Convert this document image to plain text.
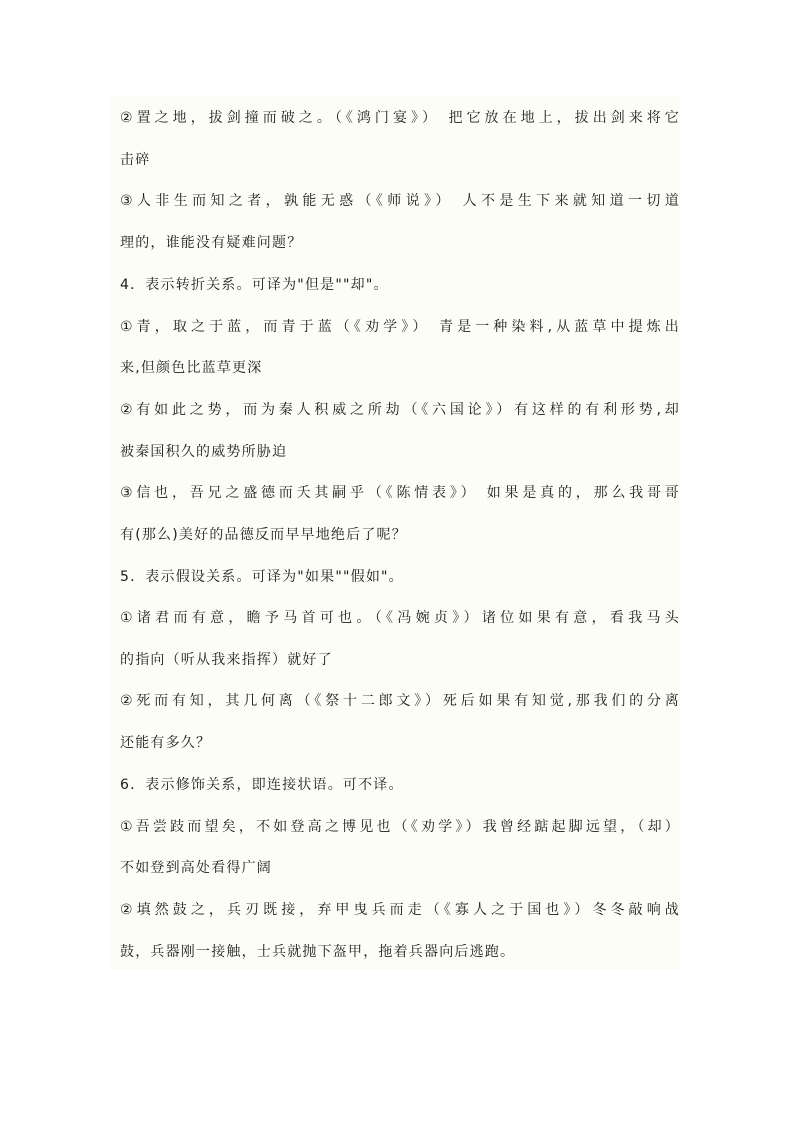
②置之地，拔剑撞而破之。（《鸿门宴》） 把它放在地上，拔出剑来将它
击碎
③人非生而知之者，孰能无惑（《师说》） 人不是生下来就知道一切道
理的，谁能没有疑难问题？
4．表示转折关系。可译为"但是""却"。
①青，取之于蓝，而青于蓝（《劝学》） 青是一种染料,从蓝草中提炼出
来,但颜色比蓝草更深
②有如此之势，而为秦人积威之所劫（《六国论》）有这样的有利形势,却
被秦国积久的威势所胁迫
③信也，吾兄之盛德而夭其嗣乎（《陈情表》） 如果是真的，那么我哥哥
有(那么)美好的品德反而早早地绝后了呢？
5．表示假设关系。可译为"如果""假如"。
①诸君而有意，瞻予马首可也。（《冯婉贞》）诸位如果有意，看我马头
的指向（听从我来指挥）就好了
②死而有知，其几何离（《祭十二郎文》）死后如果有知觉,那我们的分离
还能有多久？
6．表示修饰关系，即连接状语。可不译。
①吾尝跂而望矣，不如登高之博见也（《劝学》）我曾经踮起脚远望，（却）
不如登到高处看得广阔
②填然鼓之，兵刃既接，弃甲曳兵而走（《寡人之于国也》）冬冬敲响战
鼓，兵器刚一接触，士兵就抛下盔甲，拖着兵器向后逃跑。
